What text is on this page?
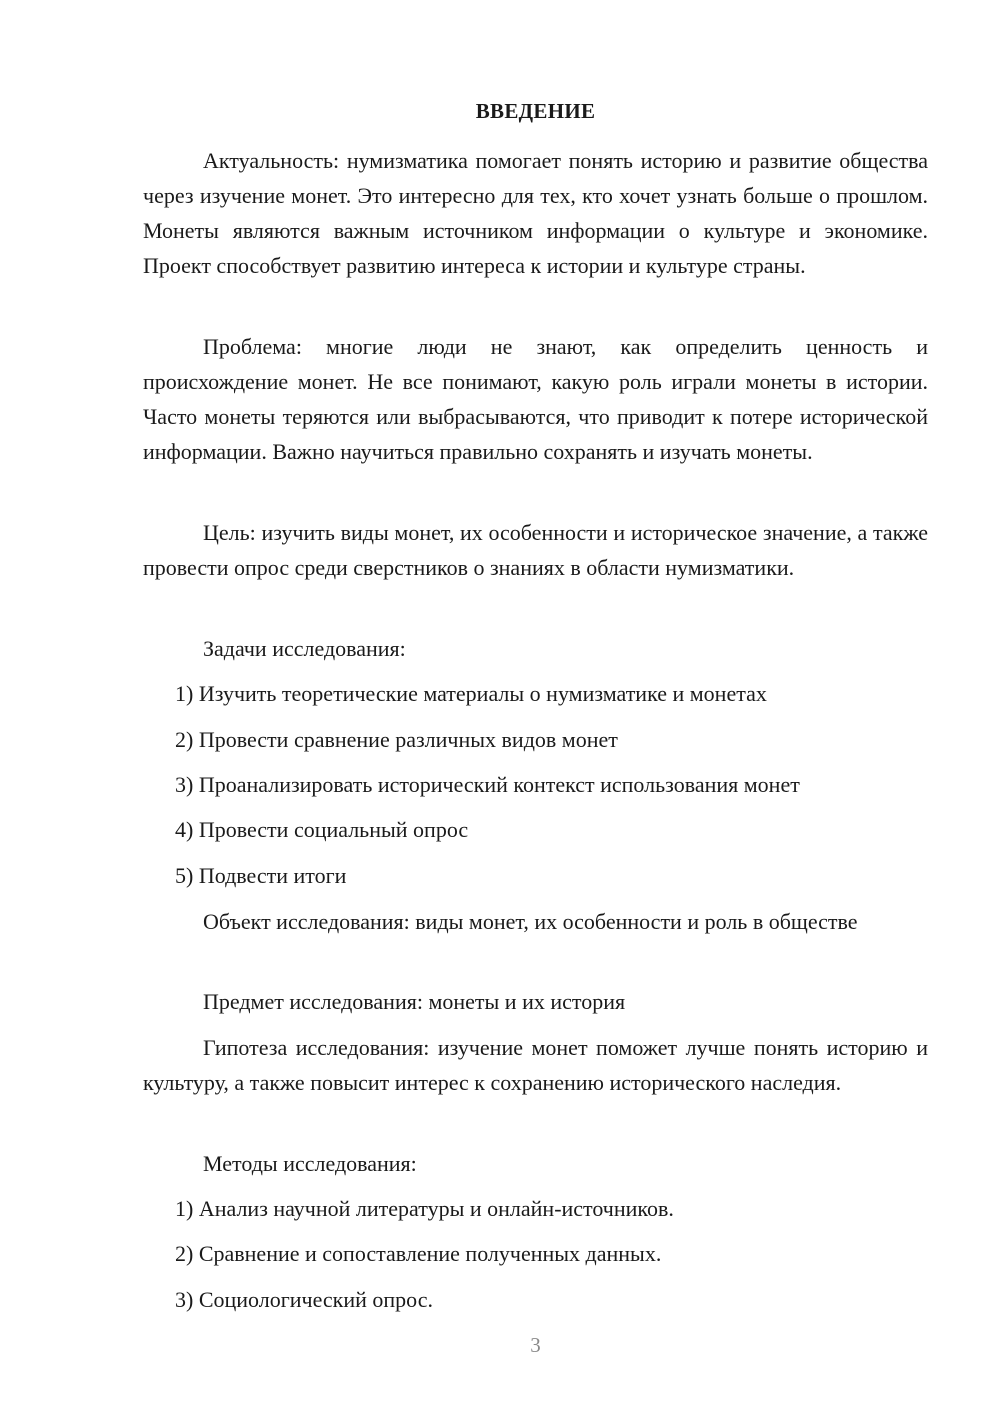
ВВЕДЕНИЕ

Актуальность: нумизматика помогает понять историю и развитие общества через изучение монет. Это интересно для тех, кто хочет узнать больше о прошлом. Монеты являются важным источником информации о культуре и экономике. Проект способствует развитию интереса к истории и культуре страны.

Проблема: многие люди не знают, как определить ценность и происхождение монет. Не все понимают, какую роль играли монеты в истории. Часто монеты теряются или выбрасываются, что приводит к потере исторической информации. Важно научиться правильно сохранять и изучать монеты.

Цель: изучить виды монет, их особенности и историческое значение, а также провести опрос среди сверстников о знаниях в области нумизматики.

Задачи исследования:

1) Изучить теоретические материалы о нумизматике и монетах

2) Провести сравнение различных видов монет

3) Проанализировать исторический контекст использования монет

4) Провести социальный опрос

5) Подвести итоги

Объект исследования: виды монет, их особенности и роль в обществе

Предмет исследования: монеты и их история

Гипотеза исследования: изучение монет поможет лучше понять историю и культуру, а также повысит интерес к сохранению исторического наследия.

Методы исследования:

1) Анализ научной литературы и онлайн-источников.

2) Сравнение и сопоставление полученных данных.

3) Социологический опрос.

3
